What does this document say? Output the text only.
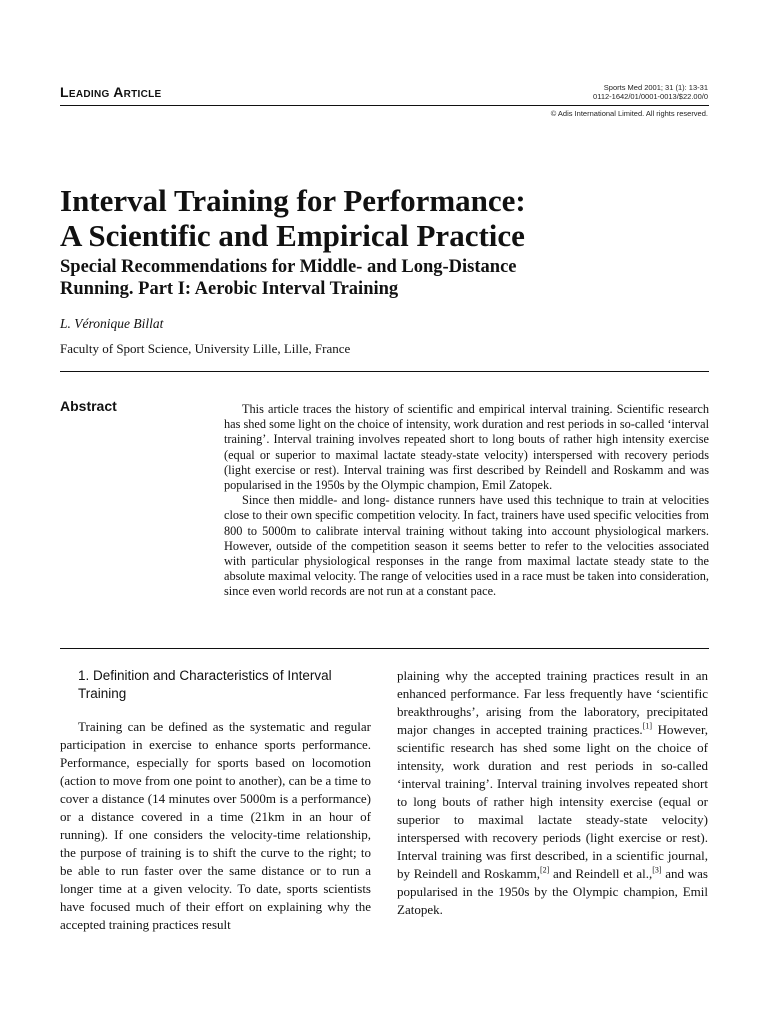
Leading Article	Sports Med 2001; 31 (1): 13-31
0112-1642/01/0001-0013/$22.00/0
© Adis International Limited. All rights reserved.
Interval Training for Performance:
A Scientific and Empirical Practice
Special Recommendations for Middle- and Long-Distance
Running. Part I: Aerobic Interval Training
L. Véronique Billat
Faculty of Sport Science, University Lille, Lille, France
Abstract	This article traces the history of scientific and empirical interval training. Scientific research has shed some light on the choice of intensity, work duration and rest periods in so-called ‘interval training’. Interval training involves repeated short to long bouts of rather high intensity exercise (equal or superior to maximal lactate steady-state velocity) interspersed with recovery periods (light exercise or rest). Interval training was first described by Reindell and Roskamm and was popularised in the 1950s by the Olympic champion, Emil Zatopek.

Since then middle- and long- distance runners have used this technique to train at velocities close to their own specific competition velocity. In fact, trainers have used specific velocities from 800 to 5000m to calibrate interval training without taking into account physiological markers. However, outside of the competition season it seems better to refer to the velocities associated with particular physiological responses in the range from maximal lactate steady state to the absolute maximal velocity. The range of velocities used in a race must be taken into consideration, since even world records are not run at a constant pace.

1. Definition and Characteristics of Interval Training

Training can be defined as the systematic and regular participation in exercise to enhance sports performance. Performance, especially for sports based on locomotion (action to move from one point to another), can be a time to cover a distance (14 minutes over 5000m is a performance) or a distance covered in a time (21km in an hour of running). If one considers the velocity-time relationship, the purpose of training is to shift the curve to the right; to be able to run faster over the same distance or to run a longer time at a given velocity. To date, sports scientists have focused much of their effort on explaining why the accepted training practices result

plaining why the accepted training practices result in an enhanced performance. Far less frequently have ‘scientific breakthroughs’, arising from the laboratory, precipitated major changes in accepted training practices.[1] However, scientific research has shed some light on the choice of intensity, work duration and rest periods in so-called ‘interval training’. Interval training involves repeated short to long bouts of rather high intensity exercise (equal or superior to maximal lactate steady-state velocity) interspersed with recovery periods (light exercise or rest). Interval training was first described, in a scientific journal, by Reindell and Roskamm,[2] and Reindell et al.,[3] and was popularised in the 1950s by the Olympic champion, Emil Zatopek.
